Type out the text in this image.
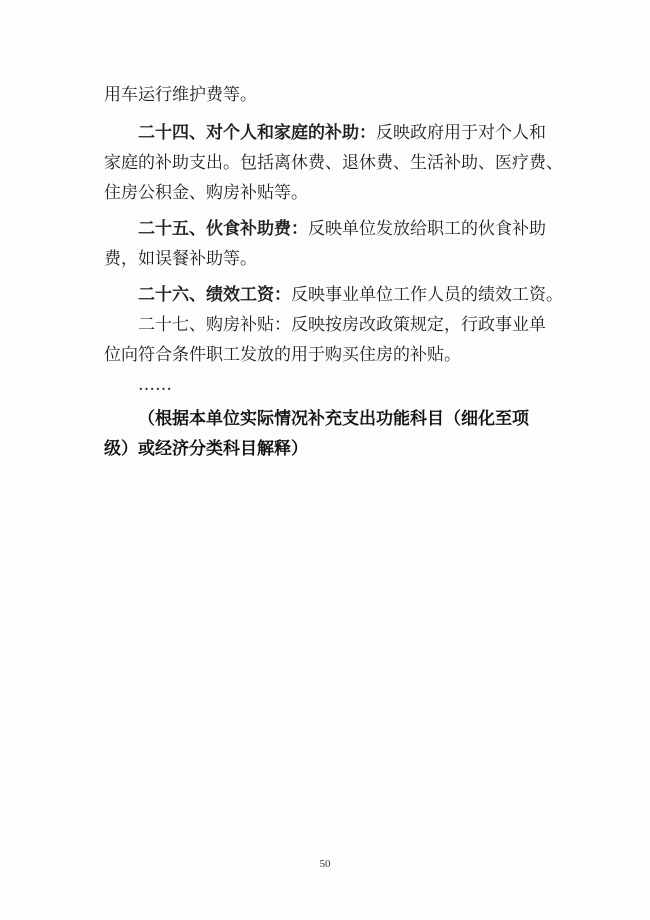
用车运行维护费等。
二十四、对个人和家庭的补助：反映政府用于对个人和
家庭的补助支出。包括离休费、退休费、生活补助、医疗费、
住房公积金、购房补贴等。
二十五、伙食补助费：反映单位发放给职工的伙食补助
费，如误餐补助等。
二十六、绩效工资：反映事业单位工作人员的绩效工资。
二十七、购房补贴：反映按房改政策规定，行政事业单
位向符合条件职工发放的用于购买住房的补贴。
……
（根据本单位实际情况补充支出功能科目（细化至项
级）或经济分类科目解释）
50
